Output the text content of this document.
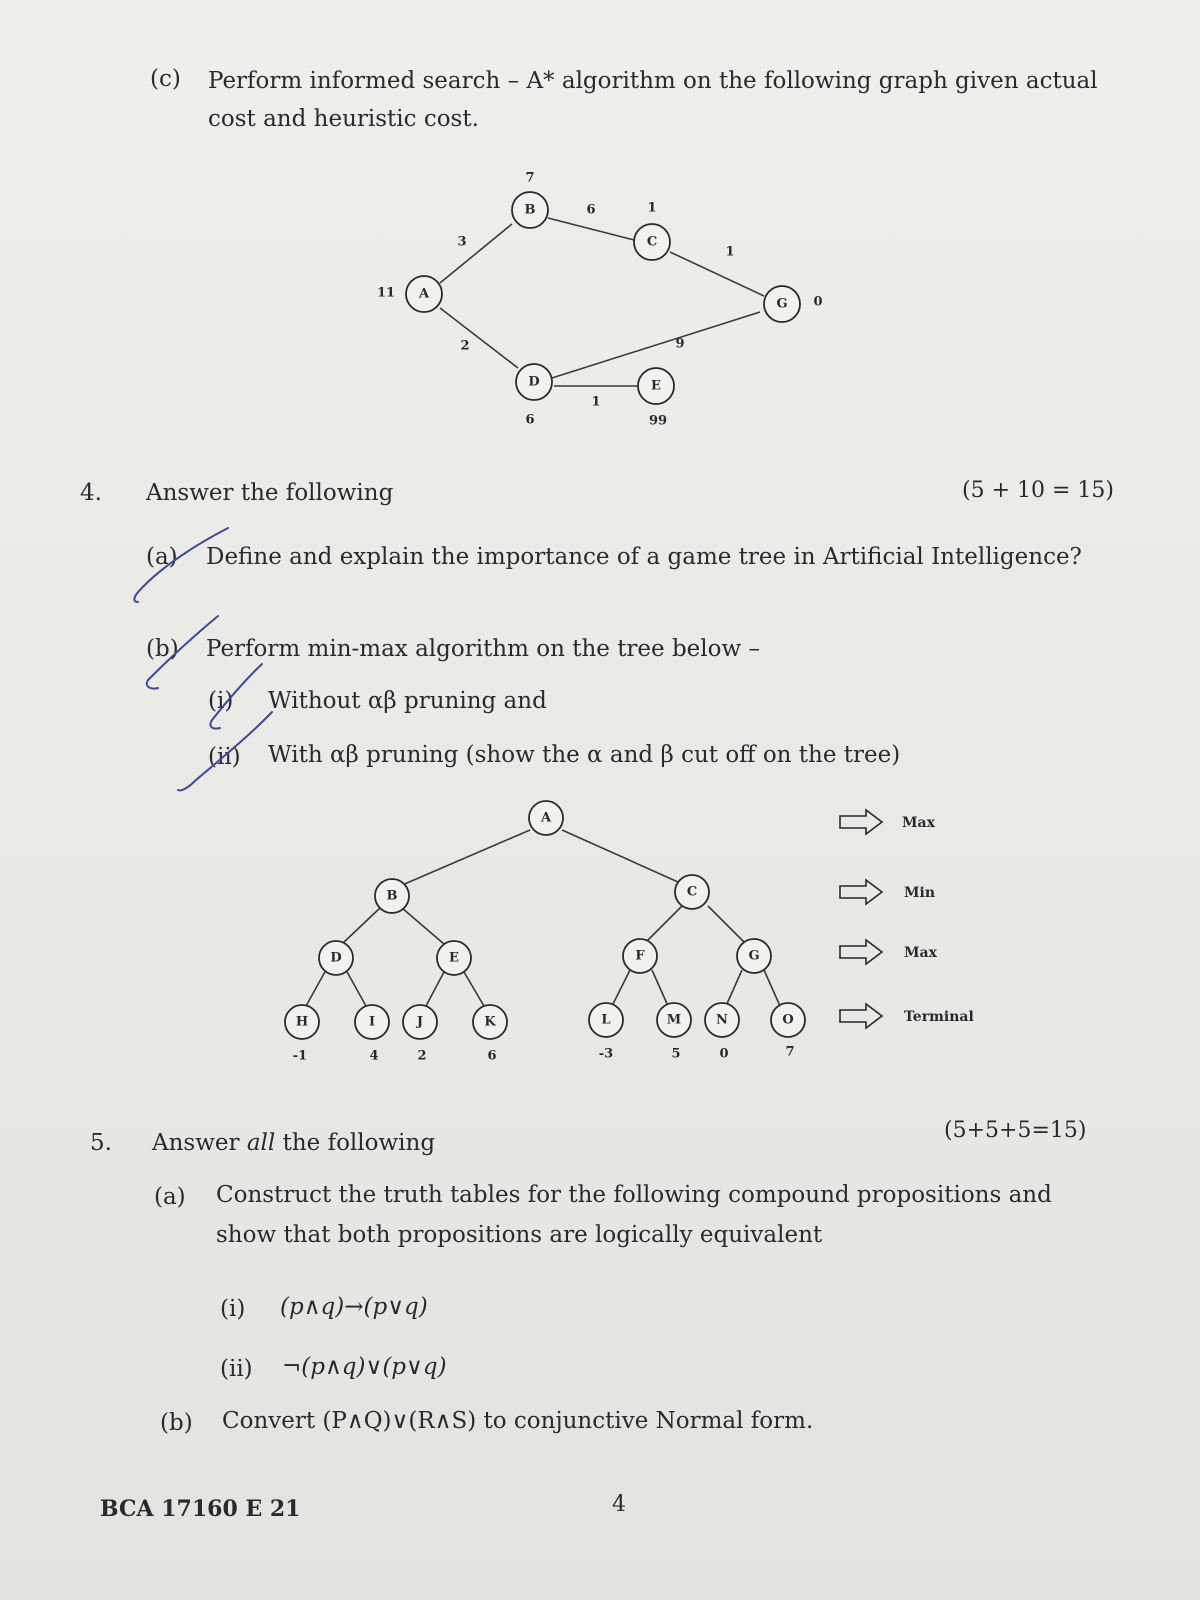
(c) Perform informed search – A* algorithm on the following graph given actual
cost and heuristic cost.
3
2
6
1
9
1
A
11
B
7
C
1
D
6
E
99
G 0
4. Answer the following	(5 + 10 = 15)
(a) Define and explain the importance of a game tree in Artificial Intelligence?
(b) Perform min-max algorithm on the tree below –
(i) Without αβ pruning and
(ii) With αβ pruning (show the α and β cut off on the tree)
A
B	C
D	E	F	G
H	I	J	K	L	M	N	O
-1	4	2	6	-3	5	0	7
Max
Min
Max
Terminal
5. Answer all the following	(5+5+5=15)
(a) Construct the truth tables for the following compound propositions and
show that both propositions are logically equivalent
(i) (p∧q)→(p∨q)
(ii) ¬(p∧q)∨(p∨q)
(b) Convert (P∧Q)∨(R∧S) to conjunctive Normal form.
BCA 17160 E 21	4
